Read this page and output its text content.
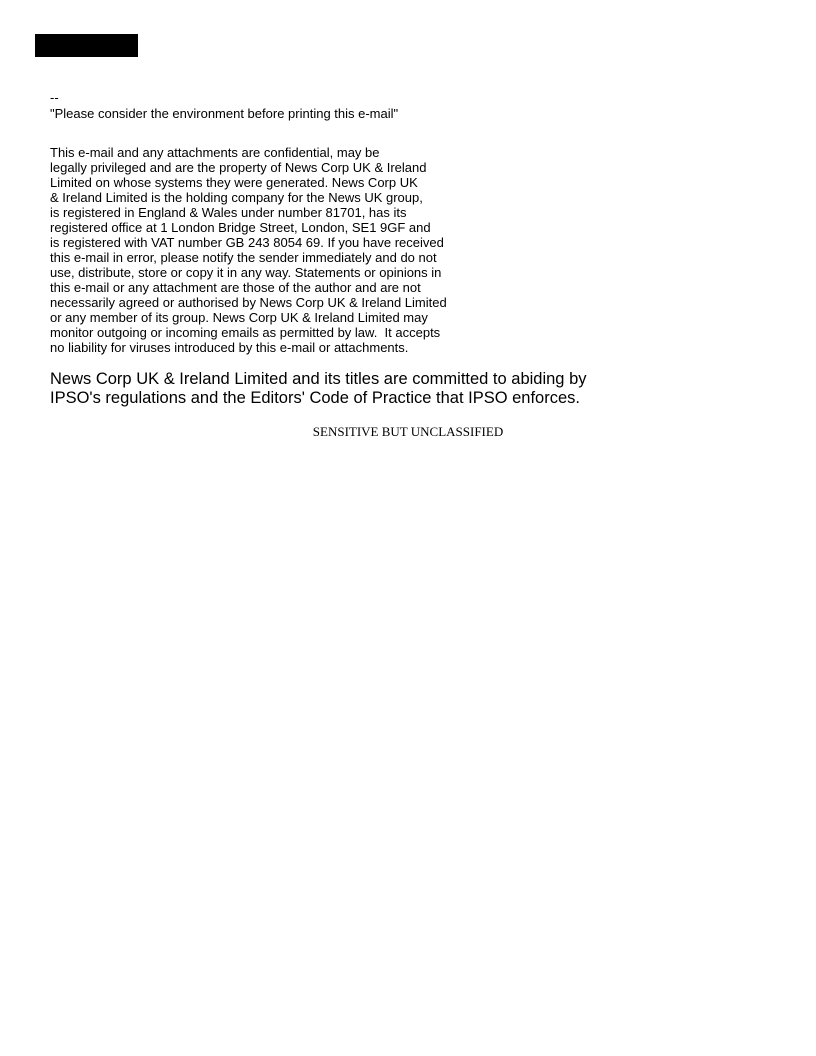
--
"Please consider the environment before printing this e-mail"
This e-mail and any attachments are confidential, may be
legally privileged and are the property of News Corp UK & Ireland
Limited on whose systems they were generated. News Corp UK
& Ireland Limited is the holding company for the News UK group,
is registered in England & Wales under number 81701, has its
registered office at 1 London Bridge Street, London, SE1 9GF and
is registered with VAT number GB 243 8054 69. If you have received
this e-mail in error, please notify the sender immediately and do not
use, distribute, store or copy it in any way. Statements or opinions in
this e-mail or any attachment are those of the author and are not
necessarily agreed or authorised by News Corp UK & Ireland Limited
or any member of its group. News Corp UK & Ireland Limited may
monitor outgoing or incoming emails as permitted by law.  It accepts
no liability for viruses introduced by this e-mail or attachments.
News Corp UK & Ireland Limited and its titles are committed to abiding by
IPSO's regulations and the Editors' Code of Practice that IPSO enforces.
SENSITIVE BUT UNCLASSIFIED
